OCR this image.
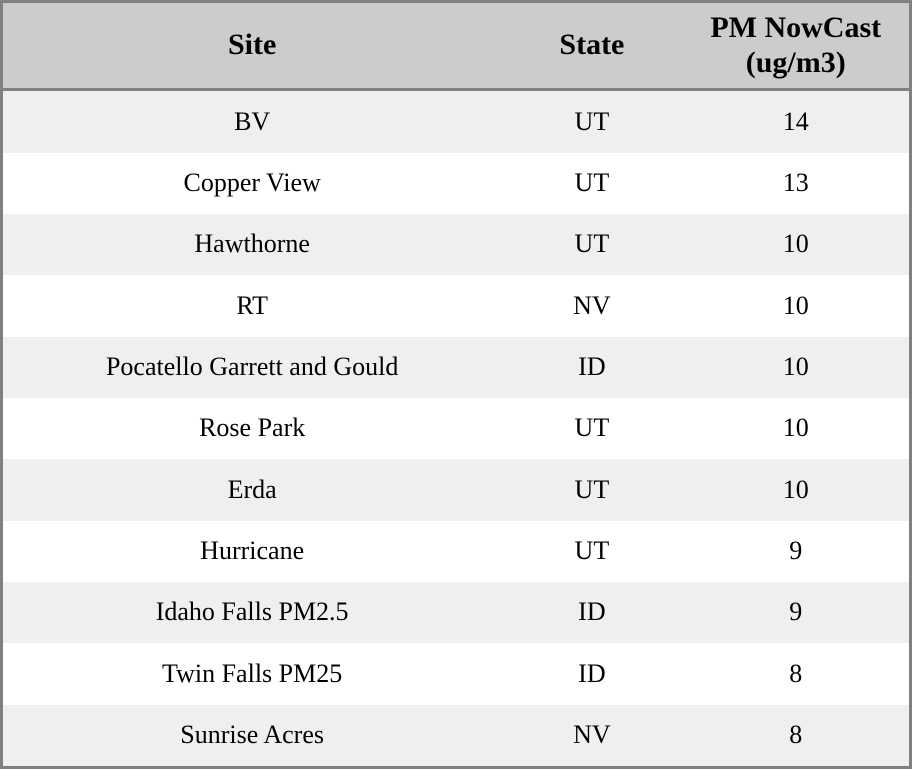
Site	State	PM NowCast (ug/m3)
BV	UT	14
Copper View	UT	13
Hawthorne	UT	10
RT	NV	10
Pocatello Garrett and Gould	ID	10
Rose Park	UT	10
Erda	UT	10
Hurricane	UT	9
Idaho Falls PM2.5	ID	9
Twin Falls PM25	ID	8
Sunrise Acres	NV	8
